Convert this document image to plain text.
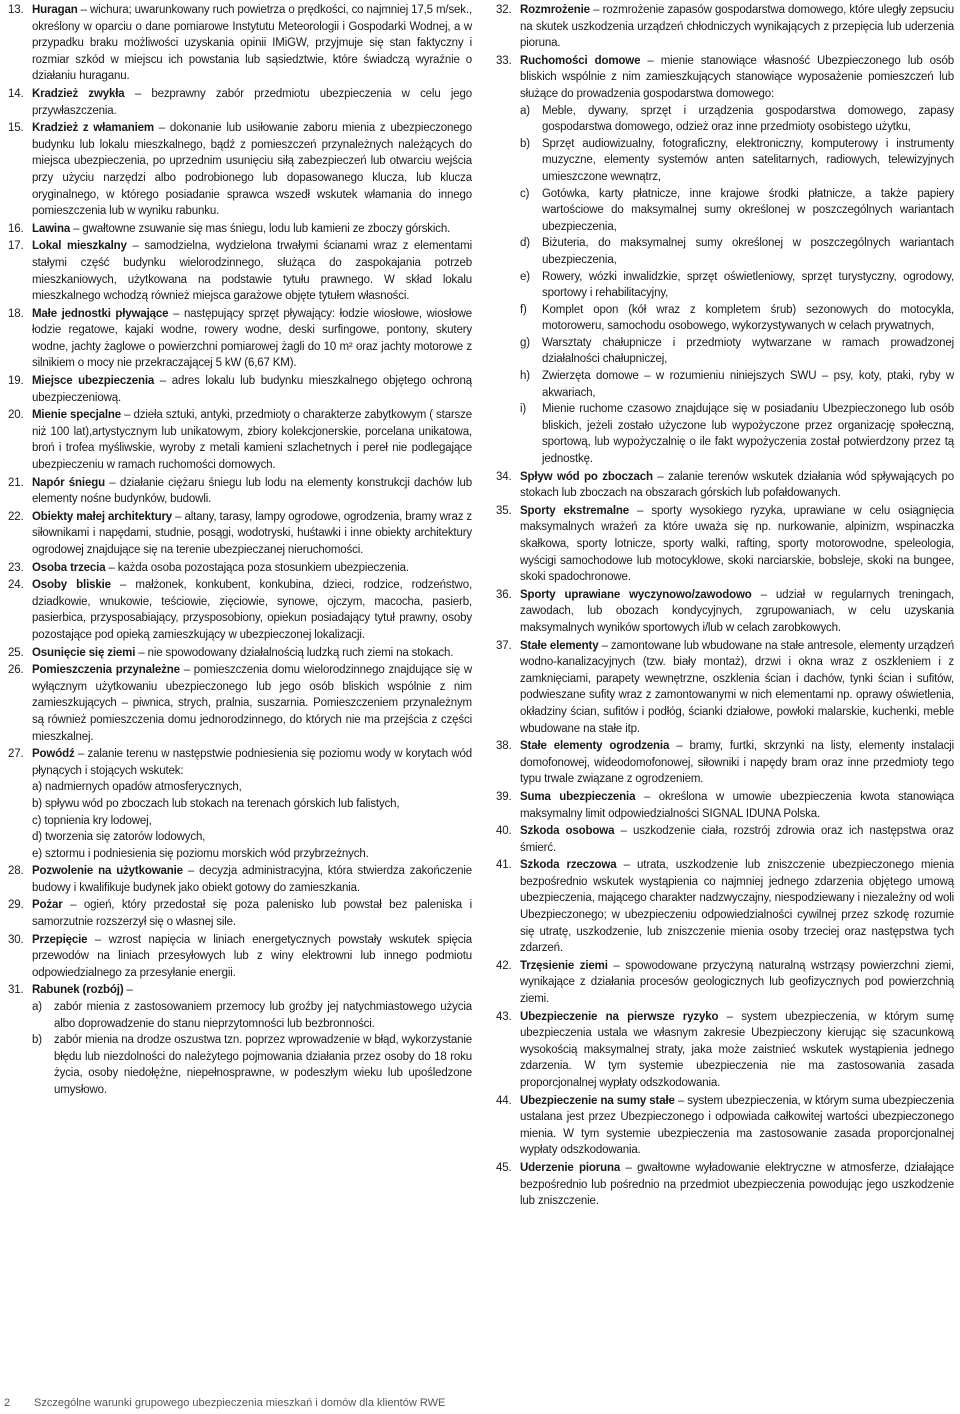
13. Huragan – wichura; uwarunkowany ruch powietrza o prędkości, co najmniej 17,5 m/sek., określony w oparciu o dane pomiarowe Instytutu Meteorologii i Gospodarki Wodnej, a w przypadku braku możliwości uzyskania opinii IMiGW, przyjmuje się stan faktyczny i rozmiar szkód w miejscu ich powstania lub sąsiedztwie, które świadczą wyraźnie o działaniu huraganu.
14. Kradzież zwykła – bezprawny zabór przedmiotu ubezpieczenia w celu jego przywłaszczenia.
15. Kradzież z włamaniem – dokonanie lub usiłowanie zaboru mienia z ubezpieczonego budynku lub lokalu mieszkalnego, bądź z pomieszczeń przynależnych należących do miejsca ubezpieczenia, po uprzednim usunięciu siłą zabezpieczeń lub otwarciu wejścia przy użyciu narzędzi albo podrobionego lub dopasowanego klucza, lub klucza oryginalnego, w którego posiadanie sprawca wszedł wskutek włamania do innego pomieszczenia lub w wyniku rabunku.
16. Lawina – gwałtowne zsuwanie się mas śniegu, lodu lub kamieni ze zboczy górskich.
17. Lokal mieszkalny – samodzielna, wydzielona trwałymi ścianami wraz z elementami stałymi część budynku wielorodzinnego, służąca do zaspokajania potrzeb mieszkaniowych, użytkowana na podstawie tytułu prawnego. W skład lokalu mieszkalnego wchodzą również miejsca garażowe objęte tytułem własności.
18. Małe jednostki pływające – następujący sprzęt pływający: łodzie wiosłowe, wiosłowe łodzie regatowe, kajaki wodne, rowery wodne, deski surfingowe, pontony, skutery wodne, jachty żaglowe o powierzchni pomiarowej żagli do 10 m² oraz jachty motorowe z silnikiem o mocy nie przekraczającej 5 kW (6,67 KM).
19. Miejsce ubezpieczenia – adres lokalu lub budynku mieszkalnego objętego ochroną ubezpieczeniową.
20. Mienie specjalne – dzieła sztuki, antyki, przedmioty o charakterze zabytkowym ( starsze niż 100 lat),artystycznym lub unikatowym, zbiory kolekcjonerskie, porcelana unikatowa, broń i trofea myśliwskie, wyroby z metali kamieni szlachetnych i pereł nie podlegające ubezpieczeniu w ramach ruchomości domowych.
21. Napór śniegu – działanie ciężaru śniegu lub lodu na elementy konstrukcji dachów lub elementy nośne budynków, budowli.
22. Obiekty małej architektury – altany, tarasy, lampy ogrodowe, ogrodzenia, bramy wraz z siłownikami i napędami, studnie, posągi, wodotryski, huśtawki i inne obiekty architektury ogrodowej znajdujące się na terenie ubezpieczanej nieruchomości.
23. Osoba trzecia – każda osoba pozostająca poza stosunkiem ubezpieczenia.
24. Osoby bliskie – małżonek, konkubent, konkubina, dzieci, rodzice, rodzeństwo, dziadkowie, wnukowie, teściowie, zięciowie, synowe, ojczym, macocha, pasierb, pasierbica, przysposabiający, przysposobiony, opiekun posiadający tytuł prawny, osoby pozostające pod opieką zamieszkujący w ubezpieczonej lokalizacji.
25. Osunięcie się ziemi – nie spowodowany działalnością ludzką ruch ziemi na stokach.
26. Pomieszczenia przynależne – pomieszczenia domu wielorodzinnego znajdujące się w wyłącznym użytkowaniu ubezpieczonego lub jego osób bliskich wspólnie z nim zamieszkujących – piwnica, strych, pralnia, suszarnia. Pomieszczeniem przynależnym są również pomieszczenia domu jednorodzinnego, do których nie ma przejścia z części mieszkalnej.
27. Powódź – zalanie terenu w następstwie podniesienia się poziomu wody w korytach wód płynących i stojących wskutek:
a) nadmiernych opadów atmosferycznych,
b) spływu wód po zboczach lub stokach na terenach górskich lub falistych,
c) topnienia kry lodowej,
d) tworzenia się zatorów lodowych,
e) sztormu i podniesienia się poziomu morskich wód przybrzeżnych.
28. Pozwolenie na użytkowanie – decyzja administracyjna, która stwierdza zakończenie budowy i kwalifikuje budynek jako obiekt gotowy do zamieszkania.
29. Pożar – ogień, który przedostał się poza palenisko lub powstał bez paleniska i samorzutnie rozszerzył się o własnej sile.
30. Przepięcie – wzrost napięcia w liniach energetycznych powstały wskutek spięcia przewodów na liniach przesyłowych lub z winy elektrowni lub innego podmiotu odpowiedzialnego za przesyłanie energii.
31. Rabunek (rozbój) –
a)	zabór mienia z zastosowaniem przemocy lub groźby jej natychmiastowego użycia albo doprowadzenie do stanu nieprzytomności lub bezbronności.
b)	zabór mienia na drodze oszustwa tzn. poprzez wprowadzenie w błąd, wykorzystanie błędu lub niezdolności do należytego pojmowania działania przez osoby do 18 roku życia, osoby niedołężne, niepełnosprawne, w podeszłym wieku lub upośledzone umysłowo.
32. Rozmrożenie – rozmrożenie zapasów gospodarstwa domowego, które uległy zepsuciu na skutek uszkodzenia urządzeń chłodniczych wynikających z przepięcia lub uderzenia pioruna.
33. Ruchomości domowe – mienie stanowiące własność Ubezpieczonego lub osób bliskich wspólnie z nim zamieszkujących stanowiące wyposażenie pomieszczeń lub służące do prowadzenia gospodarstwa domowego:
a)	Meble, dywany, sprzęt i urządzenia gospodarstwa domowego, zapasy gospodarstwa domowego, odzież oraz inne przedmioty osobistego użytku,
b)	Sprzęt audiowizualny, fotograficzny, elektroniczny, komputerowy i instrumenty muzyczne, elementy systemów anten satelitarnych, radiowych, telewizyjnych umieszczone wewnątrz,
c)	Gotówka, karty płatnicze, inne krajowe środki płatnicze, a także papiery wartościowe do maksymalnej sumy określonej w poszczególnych wariantach ubezpieczenia,
d)	Biżuteria, do maksymalnej sumy określonej w poszczególnych wariantach ubezpieczenia,
e)	Rowery, wózki inwalidzkie, sprzęt oświetleniowy, sprzęt turystyczny, ogrodowy, sportowy i rehabilitacyjny,
f)	Komplet opon (kół wraz z kompletem śrub) sezonowych do motocykla, motoroweru, samochodu osobowego, wykorzystywanych w celach prywatnych,
g)	Warsztaty chałupnicze i przedmioty wytwarzane w ramach prowadzonej działalności chałupniczej,
h)	Zwierzęta domowe – w rozumieniu niniejszych SWU – psy, koty, ptaki, ryby w akwariach,
i)	Mienie ruchome czasowo znajdujące się w posiadaniu Ubezpieczonego lub osób bliskich, jeżeli zostało użyczone lub wypożyczone przez organizację społeczną, sportową, lub wypożyczalnię o ile fakt wypożyczenia został potwierdzony przez tą jednostkę.
34. Spływ wód po zboczach – zalanie terenów wskutek działania wód spływających po stokach lub zboczach na obszarach górskich lub pofałdowanych.
35. Sporty ekstremalne – sporty wysokiego ryzyka, uprawiane w celu osiągnięcia maksymalnych wrażeń za które uważa się np. nurkowanie, alpinizm, wspinaczka skałkowa, sporty lotnicze, sporty walki, rafting, sporty motorowodne, speleologia, wyścigi samochodowe lub motocyklowe, skoki narciarskie, bobsleje, skoki na bungee, skoki spadochronowe.
36. Sporty uprawiane wyczynowo/zawodowo – udział w regularnych treningach, zawodach, lub obozach kondycyjnych, zgrupowaniach, w celu uzyskania maksymalnych wyników sportowych i/lub w celach zarobkowych.
37. Stałe elementy – zamontowane lub wbudowane na stałe antresole, elementy urządzeń wodno-kanalizacyjnych (tzw. biały montaż), drzwi i okna wraz z oszkleniem i z zamknięciami, parapety wewnętrzne, oszklenia ścian i dachów, tynki ścian i sufitów, podwieszane sufity wraz z zamontowanymi w nich elementami np. oprawy oświetlenia, okładziny ścian, sufitów i podłóg, ścianki działowe, powłoki malarskie, kuchenki, meble wbudowane na stałe itp.
38. Stałe elementy ogrodzenia – bramy, furtki, skrzynki na listy, elementy instalacji domofonowej, wideodomofonowej, siłowniki i napędy bram oraz inne przedmioty tego typu trwale związane z ogrodzeniem.
39. Suma ubezpieczenia – określona w umowie ubezpieczenia kwota stanowiąca maksymalny limit odpowiedzialności SIGNAL IDUNA Polska.
40. Szkoda osobowa – uszkodzenie ciała, rozstrój zdrowia oraz ich następstwa oraz śmierć.
41. Szkoda rzeczowa – utrata, uszkodzenie lub zniszczenie ubezpieczonego mienia bezpośrednio wskutek wystąpienia co najmniej jednego zdarzenia objętego umową ubezpieczenia, mającego charakter nadzwyczajny, niespodziewany i niezależny od woli Ubezpieczonego; w ubezpieczeniu odpowiedzialności cywilnej przez szkodę rozumie się utratę, uszkodzenie, lub zniszczenie mienia osoby trzeciej oraz następstwa tych zdarzeń.
42. Trzęsienie ziemi – spowodowane przyczyną naturalną wstrząsy powierzchni ziemi, wynikające z działania procesów geologicznych lub geofizycznych pod powierzchnią ziemi.
43. Ubezpieczenie na pierwsze ryzyko – system ubezpieczenia, w którym sumę ubezpieczenia ustala we własnym zakresie Ubezpieczony kierując się szacunkową wysokością maksymalnej straty, jaka może zaistnieć wskutek wystąpienia jednego zdarzenia. W tym systemie ubezpieczenia nie ma zastosowania zasada proporcjonalnej wypłaty odszkodowania.
44. Ubezpieczenie na sumy stałe – system ubezpieczenia, w którym suma ubezpieczenia ustalana jest przez Ubezpieczonego i odpowiada całkowitej wartości ubezpieczonego mienia. W tym systemie ubezpieczenia ma zastosowanie zasada proporcjonalnej wypłaty odszkodowania.
45. Uderzenie pioruna – gwałtowne wyładowanie elektryczne w atmosferze, działające bezpośrednio lub pośrednio na przedmiot ubezpieczenia powodując jego uszkodzenie lub zniszczenie.
2 Szczególne warunki grupowego ubezpieczenia mieszkań i domów dla klientów RWE
